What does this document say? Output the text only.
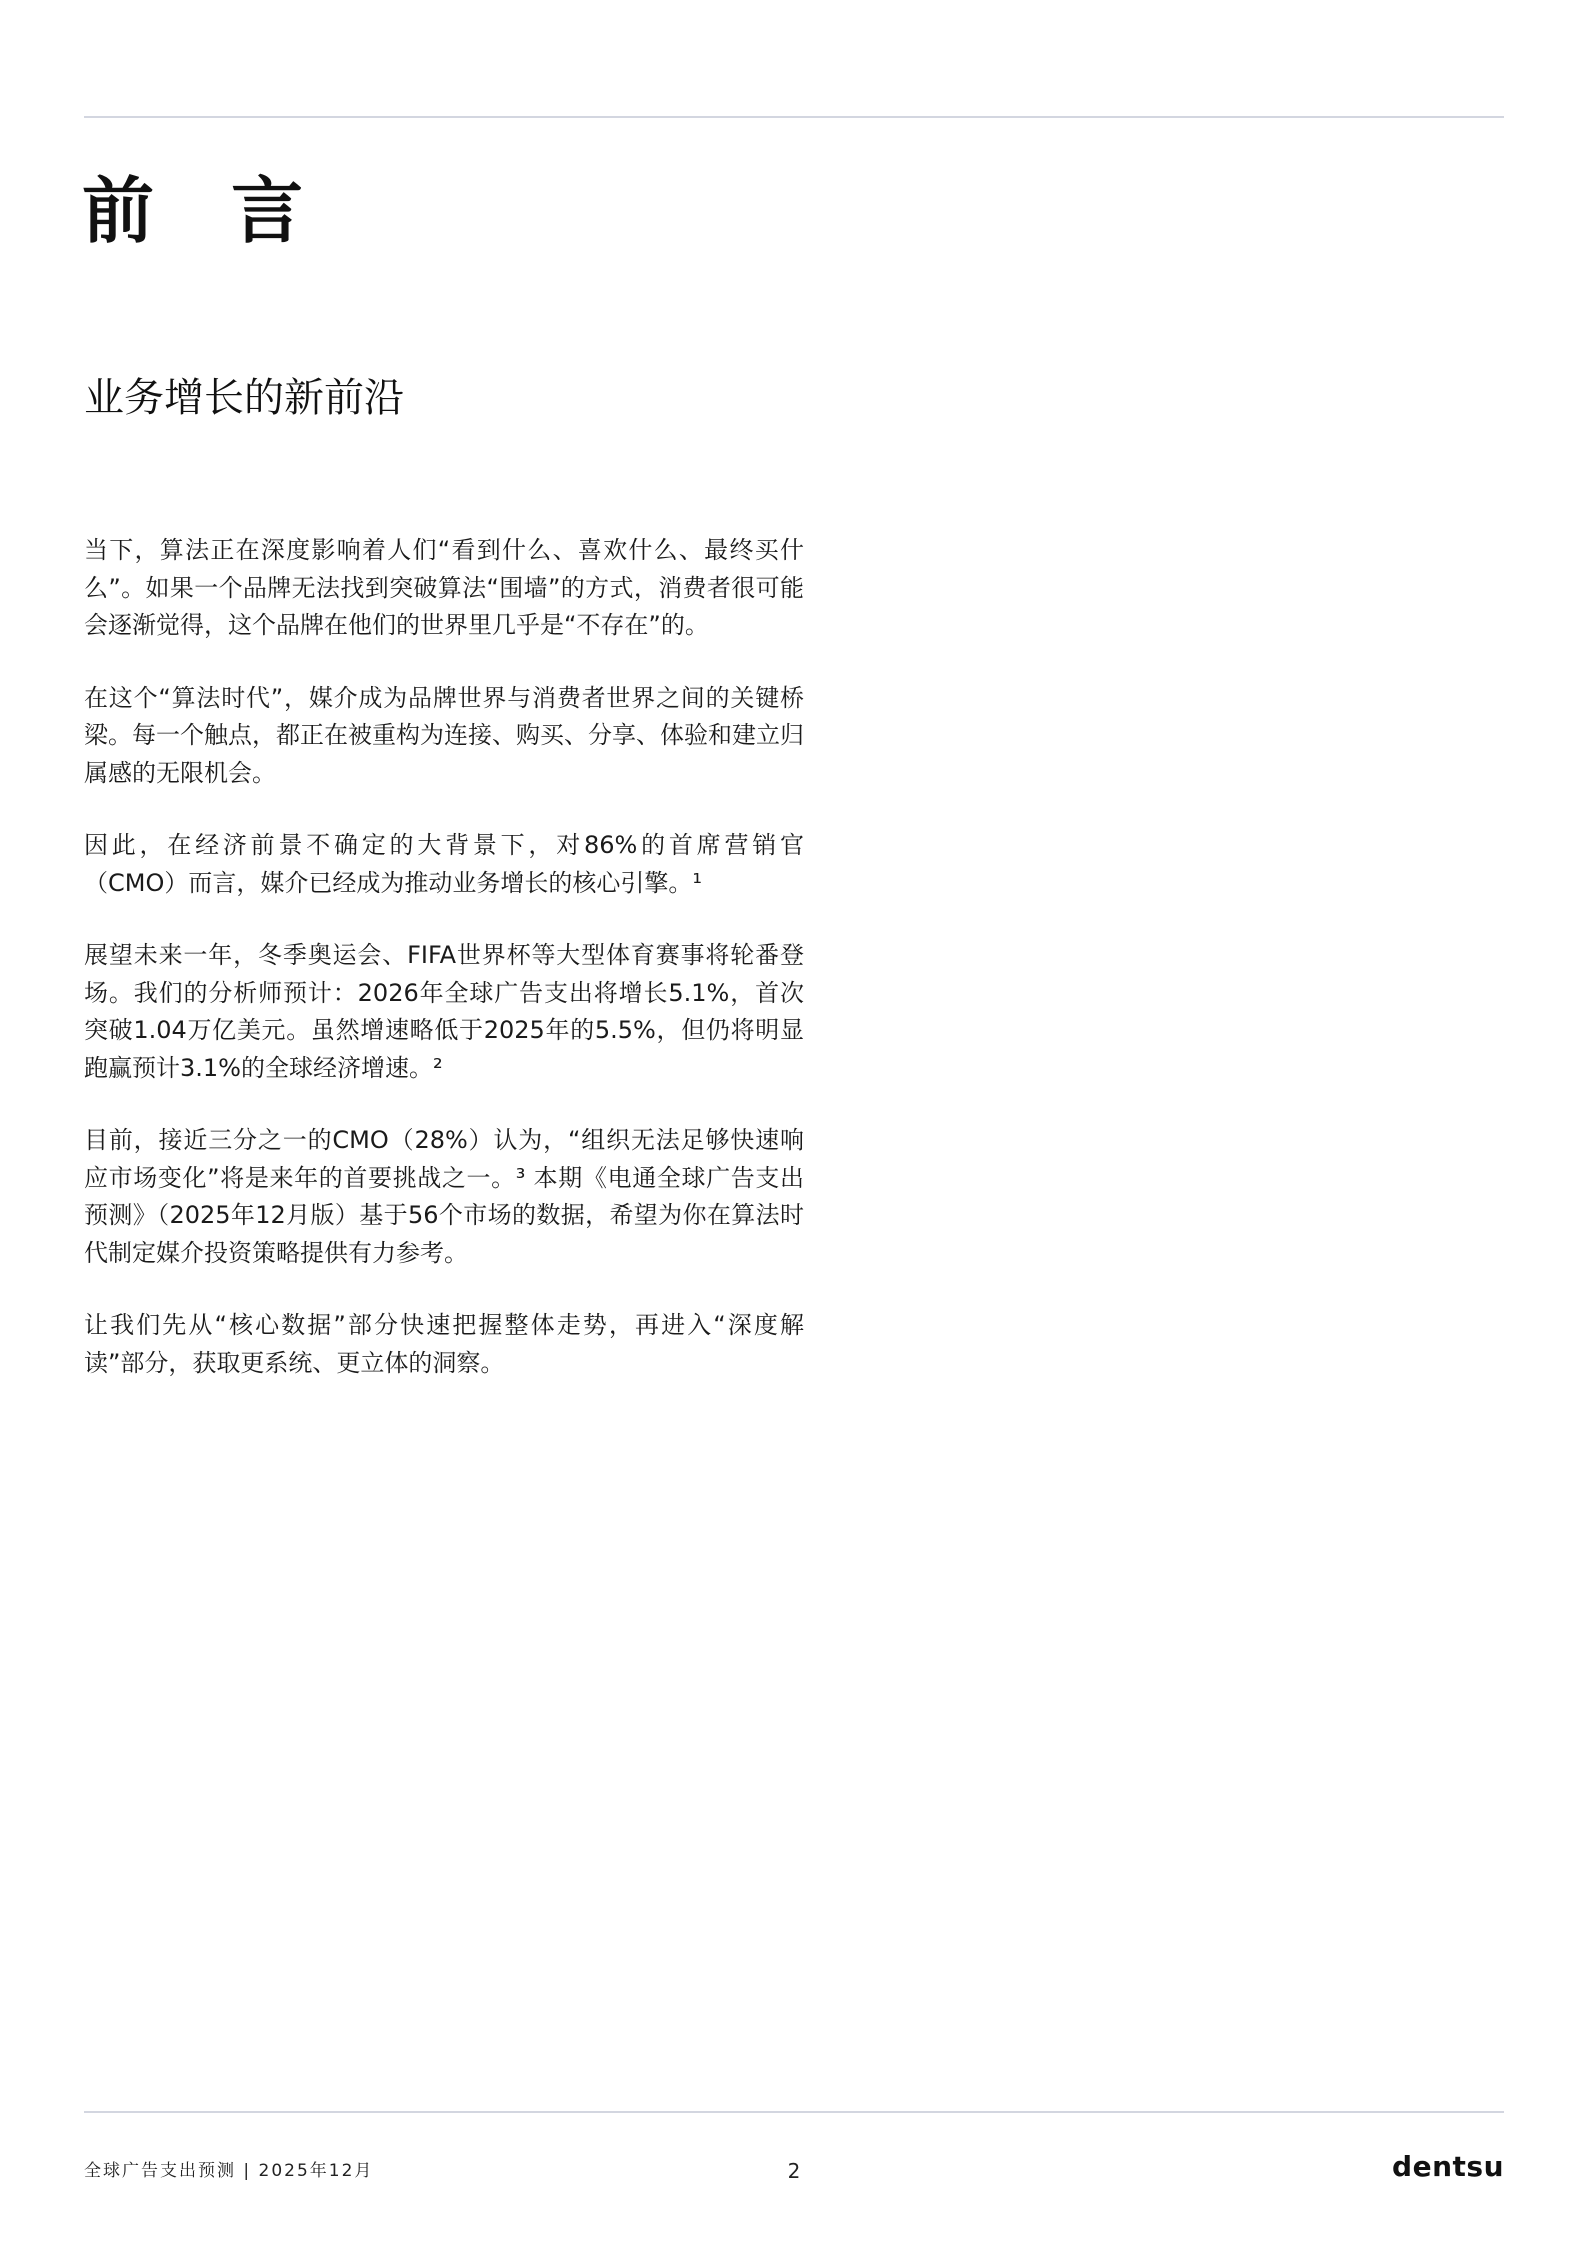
前 言
业务增长的新前沿

当下，算法正在深度影响着人们“看到什么、喜欢什么、最终买什么”。如果一个品牌无法找到突破算法“围墙”的方式，消费者很可能会逐渐觉得，这个品牌在他们的世界里几乎是“不存在”的。

在这个“算法时代”，媒介成为品牌世界与消费者世界之间的关键桥梁。每一个触点，都正在被重构为连接、购买、分享、体验和建立归属感的无限机会。

因此，在经济前景不确定的大背景下，对86%的首席营销官（CMO）而言，媒介已经成为推动业务增长的核心引擎。¹

展望未来一年，冬季奥运会、FIFA世界杯等大型体育赛事将轮番登场。我们的分析师预计：2026年全球广告支出将增长5.1%，首次突破1.04万亿美元。虽然增速略低于2025年的5.5%，但仍将明显跑赢预计3.1%的全球经济增速。²

目前，接近三分之一的CMO（28%）认为，“组织无法足够快速响应市场变化”将是来年的首要挑战之一。³ 本期《电通全球广告支出预测》（2025年12月版）基于56个市场的数据，希望为你在算法时代制定媒介投资策略提供有力参考。

让我们先从“核心数据”部分快速把握整体走势，再进入“深度解读”部分，获取更系统、更立体的洞察。

全球广告支出预测 | 2025年12月	2	dentsu
